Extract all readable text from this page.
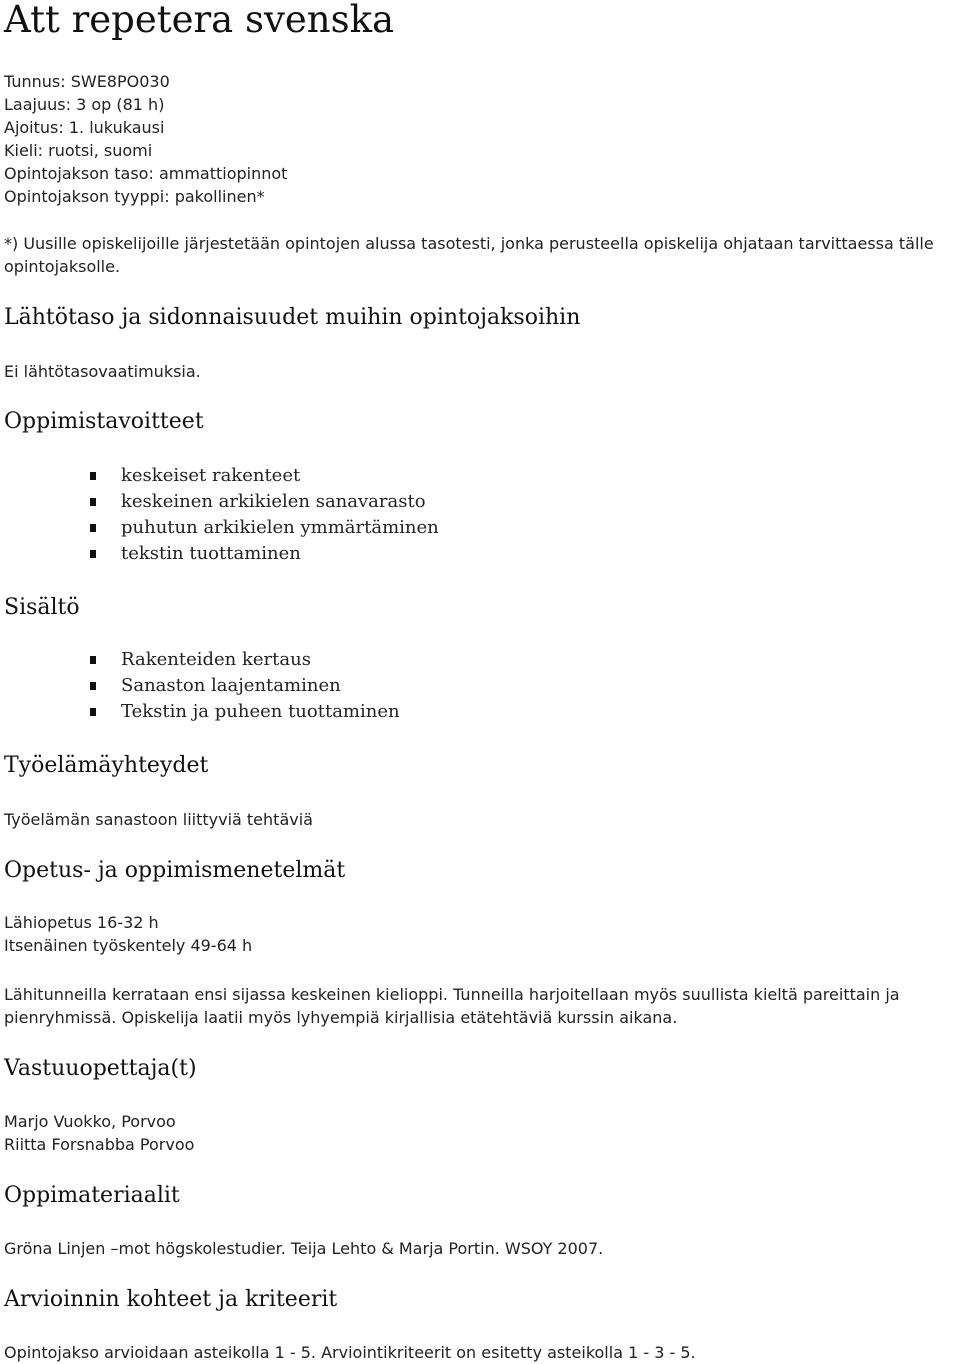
Att repetera svenska
Tunnus: SWE8PO030
Laajuus: 3 op (81 h)
Ajoitus: 1. lukukausi
Kieli: ruotsi, suomi
Opintojakson taso: ammattiopinnot
Opintojakson tyyppi: pakollinen*
*) Uusille opiskelijoille järjestetään opintojen alussa tasotesti, jonka perusteella opiskelija ohjataan tarvittaessa tälle opintojaksolle.
Lähtötaso ja sidonnaisuudet muihin opintojaksoihin
Ei lähtötasovaatimuksia.
Oppimistavoitteet
keskeiset rakenteet
keskeinen arkikielen sanavarasto
puhutun arkikielen ymmärtäminen
tekstin tuottaminen
Sisältö
Rakenteiden kertaus
Sanaston laajentaminen
Tekstin ja puheen tuottaminen
Työelämäyhteydet
Työelämän sanastoon liittyviä tehtäviä
Opetus- ja oppimismenetelmät
Lähiopetus 16-32 h
Itsenäinen työskentely 49-64 h
Lähitunneilla kerrataan ensi sijassa keskeinen kielioppi. Tunneilla harjoitellaan myös suullista kieltä pareittain ja pienryhmissä. Opiskelija laatii myös lyhyempiä kirjallisia etätehtäviä kurssin aikana.
Vastuuopettaja(t)
Marjo Vuokko, Porvoo
Riitta Forsnabba Porvoo
Oppimateriaalit
Gröna Linjen –mot högskolestudier. Teija Lehto & Marja Portin. WSOY 2007.
Arvioinnin kohteet ja kriteerit
Opintojakso arvioidaan asteikolla 1 - 5. Arviointikriteerit on esitetty asteikolla 1 - 3 - 5.
